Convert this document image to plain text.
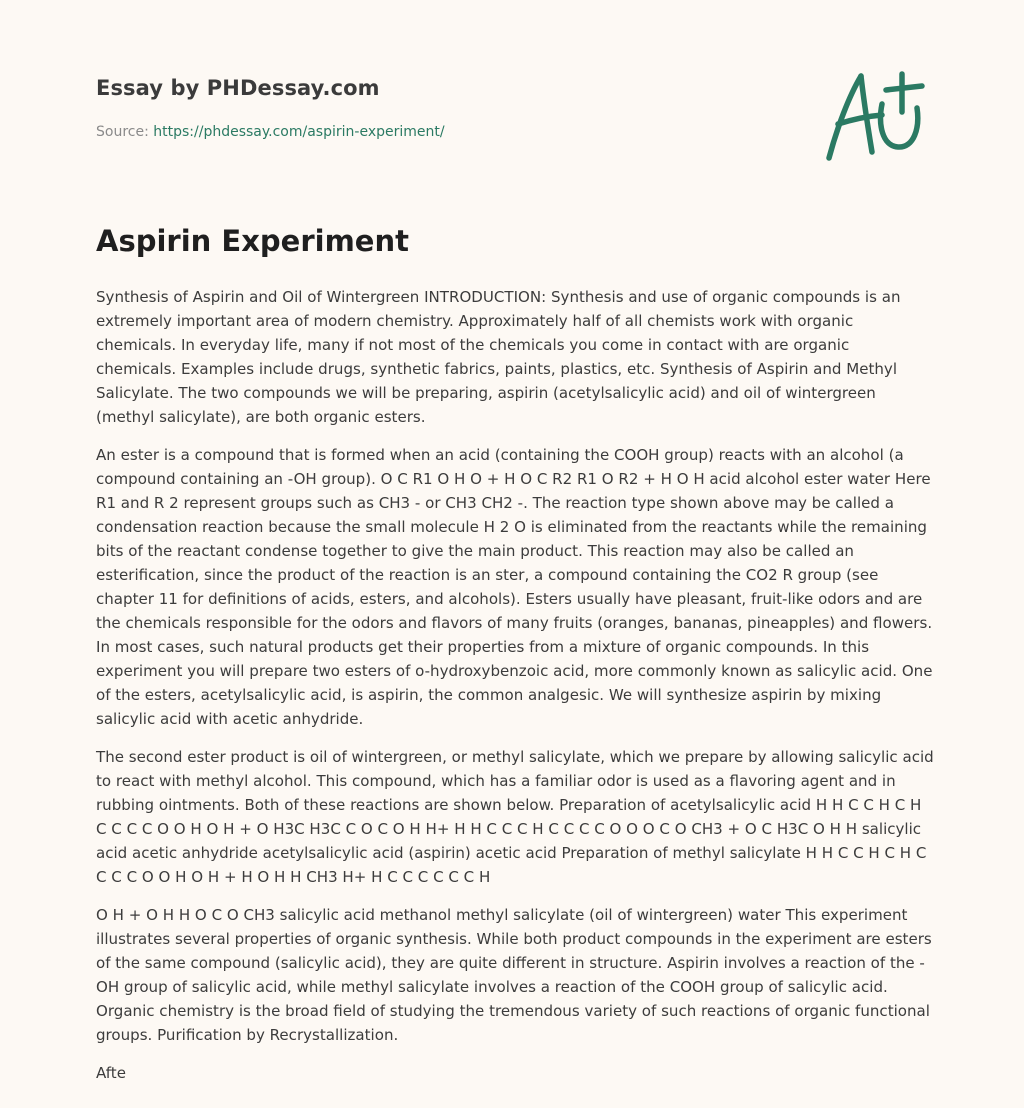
Essay by PHDessay.com
Source: https://phdessay.com/aspirin-experiment/
Aspirin Experiment

Synthesis of Aspirin and Oil of Wintergreen INTRODUCTION: Synthesis and use of organic compounds is an extremely important area of modern chemistry. Approximately half of all chemists work with organic chemicals. In everyday life, many if not most of the chemicals you come in contact with are organic chemicals. Examples include drugs, synthetic fabrics, paints, plastics, etc. Synthesis of Aspirin and Methyl Salicylate. The two compounds we will be preparing, aspirin (acetylsalicylic acid) and oil of wintergreen (methyl salicylate), are both organic esters.

An ester is a compound that is formed when an acid (containing the COOH group) reacts with an alcohol (a compound containing an -OH group). O C R1 O H O + H O C R2 R1 O R2 + H O H acid alcohol ester water Here R1 and R 2 represent groups such as CH3 - or CH3 CH2 -. The reaction type shown above may be called a condensation reaction because the small molecule H 2 O is eliminated from the reactants while the remaining bits of the reactant condense together to give the main product. This reaction may also be called an esterification, since the product of the reaction is an ster, a compound containing the CO2 R group (see chapter 11 for definitions of acids, esters, and alcohols). Esters usually have pleasant, fruit-like odors and are the chemicals responsible for the odors and flavors of many fruits (oranges, bananas, pineapples) and flowers. In most cases, such natural products get their properties from a mixture of organic compounds. In this experiment you will prepare two esters of o-hydroxybenzoic acid, more commonly known as salicylic acid. One of the esters, acetylsalicylic acid, is aspirin, the common analgesic. We will synthesize aspirin by mixing salicylic acid with acetic anhydride.

The second ester product is oil of wintergreen, or methyl salicylate, which we prepare by allowing salicylic acid to react with methyl alcohol. This compound, which has a familiar odor is used as a flavoring agent and in rubbing ointments. Both of these reactions are shown below. Preparation of acetylsalicylic acid H H C C H C H C C C C O O H O H + O H3C H3C C O C O H H+ H H C C C H C C C C O O O C O CH3 + O C H3C O H H salicylic acid acetic anhydride acetylsalicylic acid (aspirin) acetic acid Preparation of methyl salicylate H H C C H C H C C C C O O H O H + H O H H CH3 H+ H C C C C C C H

O H + O H H O C O CH3 salicylic acid methanol methyl salicylate (oil of wintergreen) water This experiment illustrates several properties of organic synthesis. While both product compounds in the experiment are esters of the same compound (salicylic acid), they are quite different in structure. Aspirin involves a reaction of the -OH group of salicylic acid, while methyl salicylate involves a reaction of the COOH group of salicylic acid. Organic chemistry is the broad field of studying the tremendous variety of such reactions of organic functional groups. Purification by Recrystallization.

Afte
